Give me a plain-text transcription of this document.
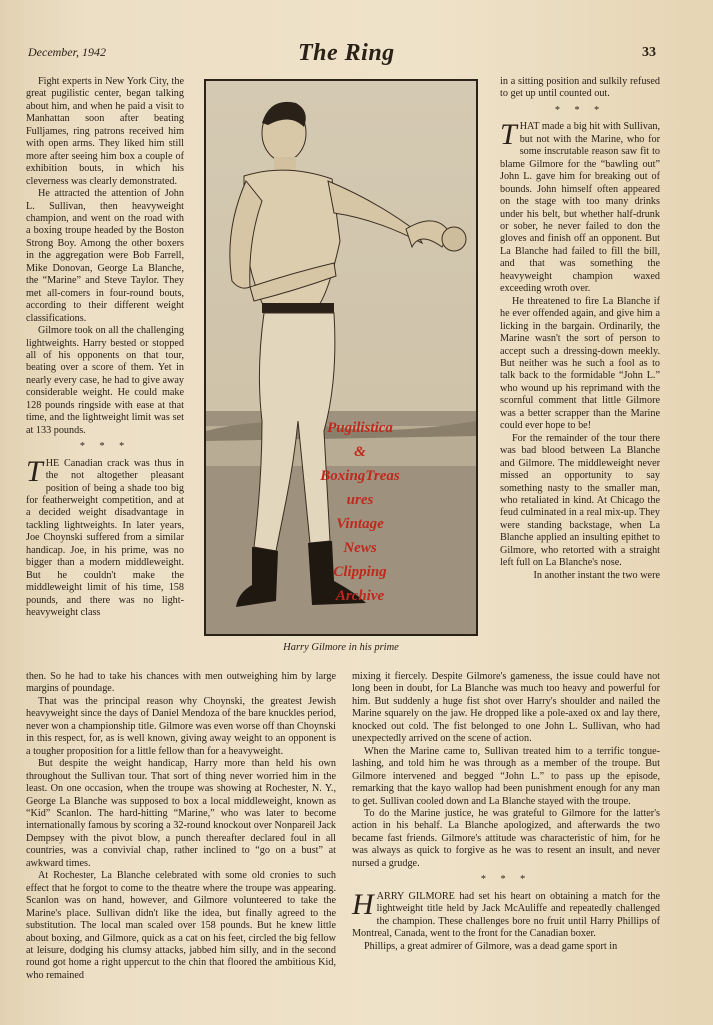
December, 1942	The Ring	33

Fight experts in New York City, the great pugilistic center, began talking about him, and when he paid a visit to Manhattan soon after beating Fulljames, ring patrons received him with open arms. They liked him still more after seeing him box a couple of exhibition bouts, in which his cleverness was clearly demonstrated.

He attracted the attention of John L. Sullivan, then heavyweight champion, and went on the road with a boxing troupe headed by the Boston Strong Boy. Among the other boxers in the aggregation were Bob Farrell, Mike Donovan, George La Blanche, the “Marine” and Steve Taylor. They met all-comers in four-round bouts, according to their different weight classifications.

Gilmore took on all the challenging lightweights. Harry bested or stopped all of his opponents on that tour, beating over a score of them. Yet in nearly every case, he had to give away considerable weight. He could make 128 pounds ringside with ease at that time, and the lightweight limit was set at 133 pounds.

* * *

THE Canadian crack was thus in the not altogether pleasant position of being a shade too big for featherweight competition, and at a decided weight disadvantage in tackling lightweights. In later years, Joe Choynski suffered from a similar handicap. Joe, in his prime, was no bigger than a modern middleweight. But he couldn't make the middleweight limit of his time, 158 pounds, and there was no light-heavyweight class

Harry Gilmore in his prime
Pugilistica
&
BoxingTreas
ures
Vintage
News
Clipping
Archive

in a sitting position and sulkily refused to get up until counted out.

* * *

THAT made a big hit with Sullivan, but not with the Marine, who for some inscrutable reason saw fit to blame Gilmore for the “bawling out” John L. gave him for breaking out of bounds. John himself often appeared on the stage with too many drinks under his belt, but whether half-drunk or sober, he never failed to don the gloves and finish off an opponent. But La Blanche had failed to fill the bill, and that was something the heavyweight champion waxed exceeding wroth over.

He threatened to fire La Blanche if he ever offended again, and give him a licking in the bargain. Ordinarily, the Marine wasn't the sort of person to accept such a dressing-down meekly. But neither was he such a fool as to talk back to the formidable “John L.” who wound up his reprimand with the scornful comment that little Gilmore was a better scrapper than the Marine could ever hope to be!

For the remainder of the tour there was bad blood between La Blanche and Gilmore. The middleweight never missed an opportunity to say something nasty to the smaller man, who retaliated in kind. At Chicago the feud culminated in a real mix-up. They were standing backstage, when La Blanche applied an insulting epithet to Gilmore, who retorted with a straight left full on La Blanche's nose.

In another instant the two were

then. So he had to take his chances with men outweighing him by large margins of poundage.

That was the principal reason why Choynski, the greatest Jewish heavyweight since the days of Daniel Mendoza of the bare knuckles period, never won a championship title. Gilmore was even worse off than Choynski in this respect, for, as is well known, giving away weight to an opponent is a tougher proposition for a little fellow than for a heavyweight.

But despite the weight handicap, Harry more than held his own throughout the Sullivan tour. That sort of thing never worried him in the least. On one occasion, when the troupe was showing at Rochester, N. Y., George La Blanche was supposed to box a local middleweight, known as “Kid” Scanlon. The hard-hitting “Marine,” who was later to become internationally famous by scoring a 32-round knockout over Nonpareil Jack Dempsey with the pivot blow, a punch thereafter declared foul in all countries, was a convivial chap, rather inclined to “go on a bust” at awkward times.

At Rochester, La Blanche celebrated with some old cronies to such effect that he forgot to come to the theatre where the troupe was appearing. Scanlon was on hand, however, and Gilmore volunteered to take the Marine's place. Sullivan didn't like the idea, but finally agreed to the substitution. The local man scaled over 158 pounds. But he knew little about boxing, and Gilmore, quick as a cat on his feet, circled the big fellow at leisure, dodging his clumsy attacks, jabbed him silly, and in the second round got home a right uppercut to the chin that floored the ambitious Kid, who remained

mixing it fiercely. Despite Gilmore's gameness, the issue could have not long been in doubt, for La Blanche was much too heavy and powerful for him. But suddenly a huge fist shot over Harry's shoulder and nailed the Marine squarely on the jaw. He dropped like a pole-axed ox and lay there, knocked out cold. The fist belonged to one John L. Sullivan, who had unexpectedly arrived on the scene of action.

When the Marine came to, Sullivan treated him to a terrific tongue-lashing, and told him he was through as a member of the troupe. But Gilmore intervened and begged “John L.” to pass up the episode, remarking that the kayo wallop had been punishment enough for any man to get. Sullivan cooled down and La Blanche stayed with the troupe.

To do the Marine justice, he was grateful to Gilmore for the latter's action in his behalf. La Blanche apologized, and afterwards the two became fast friends. Gilmore's attitude was characteristic of him, for he was always as quick to forgive as he was to resent an insult, and never nursed a grudge.

* * *

HARRY GILMORE had set his heart on obtaining a match for the lightweight title held by Jack McAuliffe and repeatedly challenged the champion. These challenges bore no fruit until Harry Phillips of Montreal, Canada, went to the front for the Canadian boxer.

Phillips, a great admirer of Gilmore, was a dead game sport in
